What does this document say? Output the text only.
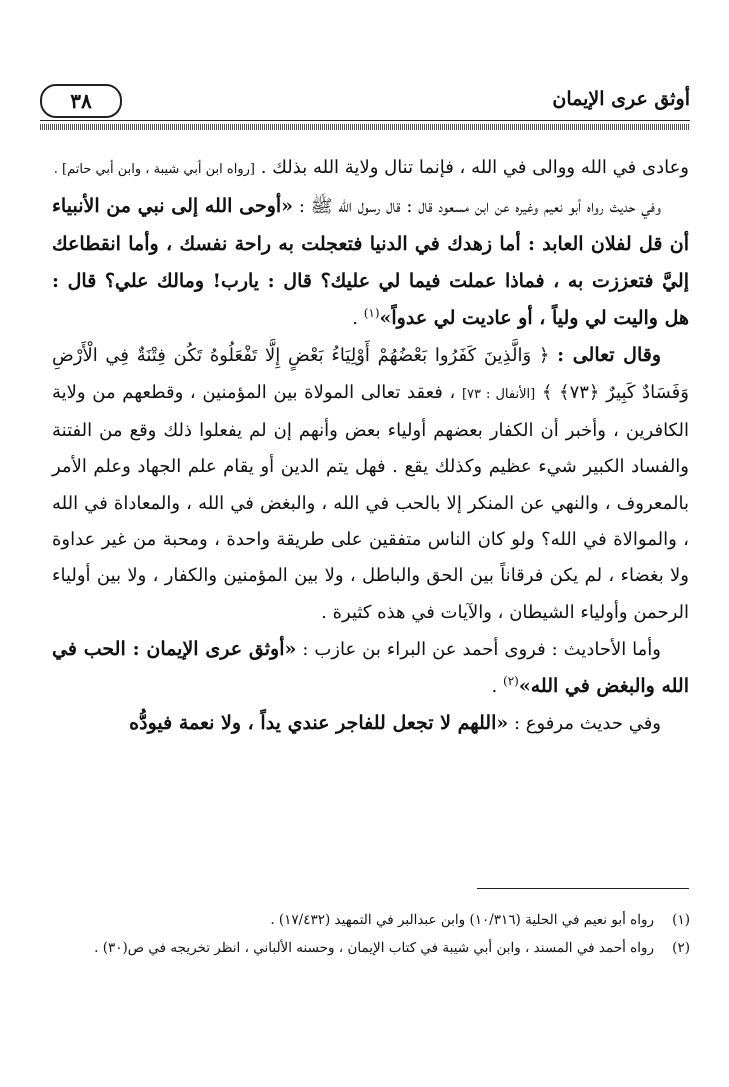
٣٨	أوثق عرى الإيمان

وعادى في الله ووالى في الله ، فإنما تنال ولاية الله بذلك . [رواه ابن أبي شيبة ، وابن أبي حاتم] .

وفي حديث رواه أبو نعيم وغيره عن ابن مسعود قال : قال رسول الله ﷺ : «أوحى الله إلى نبي من الأنبياء أن قل لفلان العابد : أما زهدك في الدنيا فتعجلت به راحة نفسك ، وأما انقطاعك إليَّ فتعززت به ، فماذا عملت فيما لي عليك؟ قال : يارب! ومالك علي؟ قال : هل واليت لي ولياً ، أو عاديت لي عدواً»$^{(١)}$ .

وقال تعالى : ﴿ وَالَّذِينَ كَفَرُوا بَعْضُهُمْ أَوْلِيَاءُ بَعْضٍ إِلَّا تَفْعَلُوهُ تَكُن فِتْنَةٌ فِي الْأَرْضِ وَفَسَادٌ كَبِيرٌ ﴿٧٣﴾ ﴾ [الأنفال : ٧٣] ، فعقد تعالى المولاة بين المؤمنين ، وقطعهم من ولاية الكافرين ، وأخبر أن الكفار بعضهم أولياء بعض وأنهم إن لم يفعلوا ذلك وقع من الفتنة والفساد الكبير شيء عظيم وكذلك يقع . فهل يتم الدين أو يقام علم الجهاد وعلم الأمر بالمعروف ، والنهي عن المنكر إلا بالحب في الله ، والبغض في الله ، والمعاداة في الله ، والموالاة في الله؟ ولو كان الناس متفقين على طريقة واحدة ، ومحبة من غير عداوة ولا بغضاء ، لم يكن فرقاناً بين الحق والباطل ، ولا بين المؤمنين والكفار ، ولا بين أولياء الرحمن وأولياء الشيطان ، والآيات في هذه كثيرة .

وأما الأحاديث : فروى أحمد عن البراء بن عازب : «أوثق عرى الإيمان : الحب في الله والبغض في الله»$^{(٢)}$ .

وفي حديث مرفوع : «اللهم لا تجعل للفاجر عندي يداً ، ولا نعمة فيودُّه

(١)
رواه أبو نعيم في الحلية (١٠/٣١٦) وابن عبدالبر في التمهيد (١٧/٤٣٢) .

(٢)
رواه أحمد في المسند ، وابن أبي شيبة في كتاب الإيمان ، وحسنه الألباني ، انظر تخريجه في ص(٣٠) .
